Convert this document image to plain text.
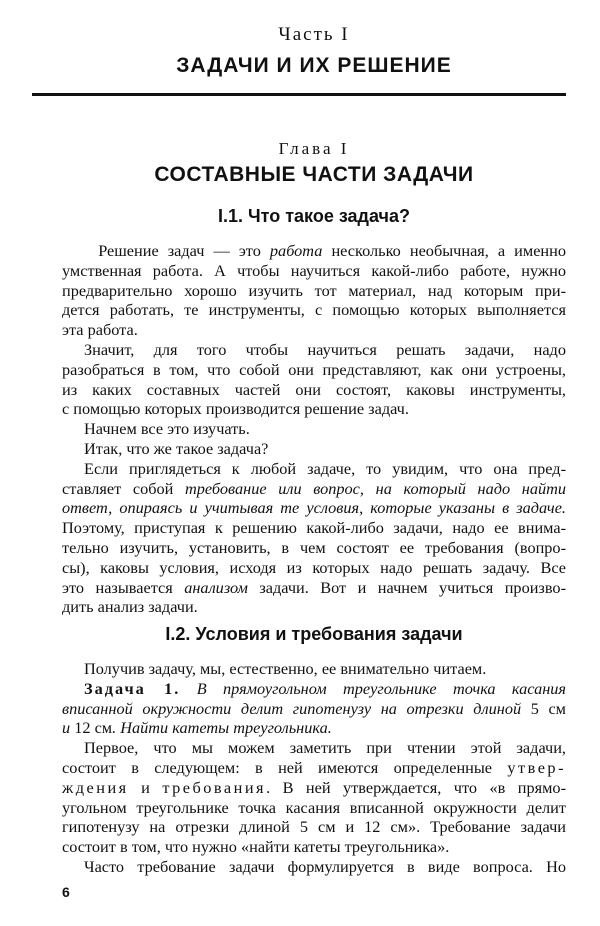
Часть I
ЗАДАЧИ И ИХ РЕШЕНИЕ
Глава I
СОСТАВНЫЕ ЧАСТИ ЗАДАЧИ
I.1. Что такое задача?
Решение задач — это работа несколько необычная, а именно
умственная работа. А чтобы научиться какой-либо работе, нужно
предварительно хорошо изучить тот материал, над которым при-
дется работать, те инструменты, с помощью которых выполняется
эта работа.
Значит, для того чтобы научиться решать задачи, надо
разобраться в том, что собой они представляют, как они устроены,
из каких составных частей они состоят, каковы инструменты,
с помощью которых производится решение задач.
Начнем все это изучать.
Итак, что же такое задача?
Если приглядеться к любой задаче, то увидим, что она пред-
ставляет собой требование или вопрос, на который надо найти
ответ, опираясь и учитывая те условия, которые указаны в задаче.
Поэтому, приступая к решению какой-либо задачи, надо ее внима-
тельно изучить, установить, в чем состоят ее требования (вопро-
сы), каковы условия, исходя из которых надо решать задачу. Все
это называется анализом задачи. Вот и начнем учиться произво-
дить анализ задачи.
I.2. Условия и требования задачи
Получив задачу, мы, естественно, ее внимательно читаем.
Задача 1. В прямоугольном треугольнике точка касания
вписанной окружности делит гипотенузу на отрезки длиной 5 см
и 12 см. Найти катеты треугольника.
Первое, что мы можем заметить при чтении этой задачи,
состоит в следующем: в ней имеются определенные утвер-
ждения и требования. В ней утверждается, что «в прямо-
угольном треугольнике точка касания вписанной окружности делит
гипотенузу на отрезки длиной 5 см и 12 см». Требование задачи
состоит в том, что нужно «найти катеты треугольника».
Часто требование задачи формулируется в виде вопроса. Но
6
